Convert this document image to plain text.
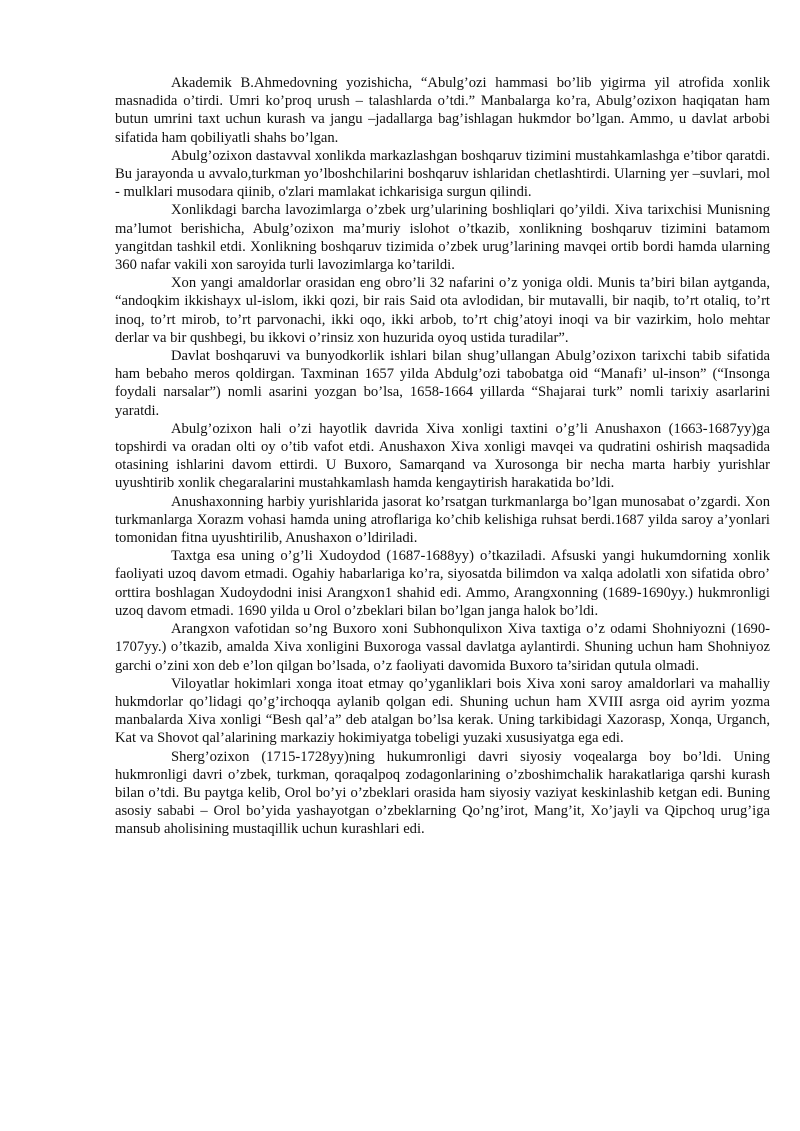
Akademik B.Ahmedovning yozishicha, “Abulg’ozi hammasi bo’lib yigirma yil atrofida xonlik masnadida o’tirdi. Umri ko’proq urush – talashlarda o’tdi.” Manbalarga ko’ra, Abulg’ozixon haqiqatan ham butun umrini taxt uchun kurash va jangu –jadallarga bag’ishlagan hukmdor bo’lgan. Ammo, u davlat arbobi sifatida ham qobiliyatli shahs bo’lgan.

Abulg’ozixon dastavval xonlikda markazlashgan boshqaruv tizimini mustahkamlashga e’tibor qaratdi. Bu jarayonda u avvalo,turkman yo’lboshchilarini boshqaruv ishlaridan chetlashtirdi. Ularning yer –suvlari, mol - mulklari musodara qiinib, o'zlari mamlakat ichkarisiga surgun qilindi.

Xonlikdagi barcha lavozimlarga o’zbek urg’ularining boshliqlari qo’yildi. Xiva tarixchisi Munisning ma’lumot berishicha, Abulg’ozixon ma’muriy islohot o’tkazib, xonlikning boshqaruv tizimini batamom yangitdan tashkil etdi. Xonlikning boshqaruv tizimida o’zbek urug’larining mavqei ortib bordi hamda ularning 360 nafar vakili xon saroyida turli lavozimlarga ko’tarildi.

Xon yangi amaldorlar orasidan eng obro’li 32 nafarini o’z yoniga oldi. Munis ta’biri bilan aytganda, “andoqkim ikkishayx ul-islom, ikki qozi, bir rais Said ota avlodidan, bir mutavalli, bir naqib, to’rt otaliq, to’rt inoq, to’rt mirob, to’rt parvonachi, ikki oqo, ikki arbob, to’rt chig’atoyi inoqi va bir vazirkim, holo mehtar derlar va bir qushbegi, bu ikkovi o’rinsiz xon huzurida oyoq ustida turadilar”.

Davlat boshqaruvi va bunyodkorlik ishlari bilan shug’ullangan Abulg’ozixon tarixchi tabib sifatida ham bebaho meros qoldirgan. Taxminan 1657 yilda Abdulg’ozi tabobatga oid “Manafi’ ul-inson” (“Insonga foydali narsalar”) nomli asarini yozgan bo’lsa, 1658-1664 yillarda “Shajarai turk” nomli tarixiy asarlarini yaratdi.

Abulg’ozixon hali o’zi hayotlik davrida Xiva xonligi taxtini o’g’li Anushaxon (1663-1687yy)ga topshirdi va oradan olti oy o’tib vafot etdi. Anushaxon Xiva xonligi mavqei va qudratini oshirish maqsadida otasining ishlarini davom ettirdi. U Buxoro, Samarqand va Xurosonga bir necha marta harbiy yurishlar uyushtirib xonlik chegaralarini mustahkamlash hamda kengaytirish harakatida bo’ldi.

Anushaxonning harbiy yurishlarida jasorat ko’rsatgan turkmanlarga bo’lgan munosabat o’zgardi. Xon turkmanlarga Xorazm vohasi hamda uning atroflariga ko’chib kelishiga ruhsat berdi.1687 yilda saroy a’yonlari tomonidan fitna uyushtirilib, Anushaxon o’ldiriladi.

Taxtga esa uning o’g’li Xudoydod (1687-1688yy) o’tkaziladi. Afsuski yangi hukumdorning xonlik faoliyati uzoq davom etmadi. Ogahiy habarlariga ko’ra, siyosatda bilimdon va xalqa adolatli xon sifatida obro’ orttira boshlagan Xudoydodni inisi Arangxon1 shahid edi. Ammo, Arangxonning (1689-1690yy.) hukmronligi uzoq davom etmadi. 1690 yilda u Orol o’zbeklari bilan bo’lgan janga halok bo’ldi.

Arangxon vafotidan so’ng Buxoro xoni Subhonqulixon Xiva taxtiga o’z odami Shohniyozni (1690-1707yy.) o’tkazib, amalda Xiva xonligini Buxoroga vassal davlatga aylantirdi. Shuning uchun ham Shohniyoz garchi o’zini xon deb e’lon qilgan bo’lsada, o’z faoliyati davomida Buxoro ta’siridan qutula olmadi.

Viloyatlar hokimlari xonga itoat etmay qo’yganliklari bois Xiva xoni saroy amaldorlari va mahalliy hukmdorlar qo’lidagi qo’g’irchoqqa aylanib qolgan edi. Shuning uchun ham XVIII asrga oid ayrim yozma manbalarda Xiva xonligi “Besh qal’a” deb atalgan bo’lsa kerak. Uning tarkibidagi Xazorasp, Xonqa, Urganch, Kat va Shovot qal’alarining markaziy hokimiyatga tobeligi yuzaki xususiyatga ega edi.

Sherg’ozixon (1715-1728yy)ning hukumronligi davri siyosiy voqealarga boy bo’ldi. Uning hukmronligi davri o’zbek, turkman, qoraqalpoq zodagonlarining o’zboshimchalik harakatlariga qarshi kurash bilan o’tdi. Bu paytga kelib, Orol bo’yi o’zbeklari orasida ham siyosiy vaziyat keskinlashib ketgan edi. Buning asosiy sababi – Orol bo’yida yashayotgan o’zbeklarning Qo’ng’irot, Mang’it, Xo’jayli va Qipchoq urug’iga mansub aholisining mustaqillik uchun kurashlari edi.
